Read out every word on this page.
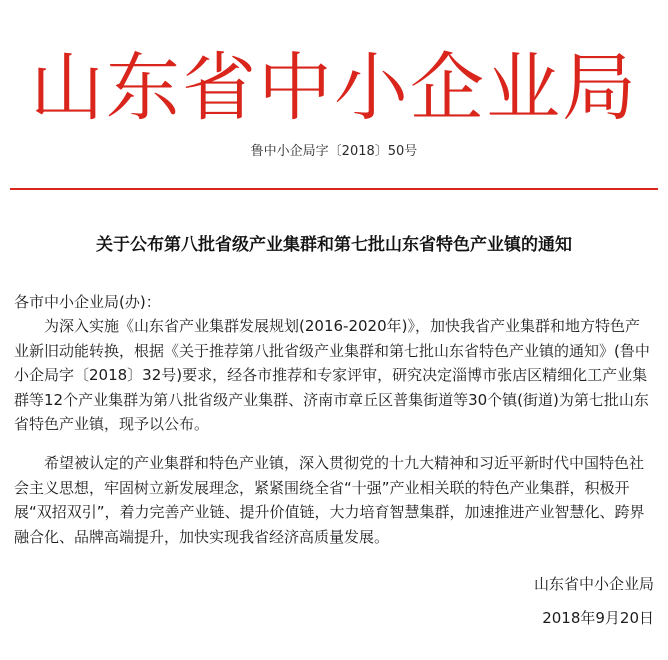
山东省中小企业局
鲁中小企局字〔2018〕50号
关于公布第八批省级产业集群和第七批山东省特色产业镇的通知
各市中小企业局(办)：
为深入实施《山东省产业集群发展规划(2016-2020年)》，加快我省产业集群和地方特色产业新旧动能转换，根据《关于推荐第八批省级产业集群和第七批山东省特色产业镇的通知》(鲁中小企局字〔2018〕32号)要求，经各市推荐和专家评审，研究决定淄博市张店区精细化工产业集群等12个产业集群为第八批省级产业集群、济南市章丘区普集街道等30个镇(街道)为第七批山东省特色产业镇，现予以公布。
希望被认定的产业集群和特色产业镇，深入贯彻党的十九大精神和习近平新时代中国特色社会主义思想，牢固树立新发展理念，紧紧围绕全省“十强”产业相关联的特色产业集群，积极开展“双招双引”，着力完善产业链、提升价值链，大力培育智慧集群，加速推进产业智慧化、跨界融合化、品牌高端提升，加快实现我省经济高质量发展。
山东省中小企业局
2018年9月20日
